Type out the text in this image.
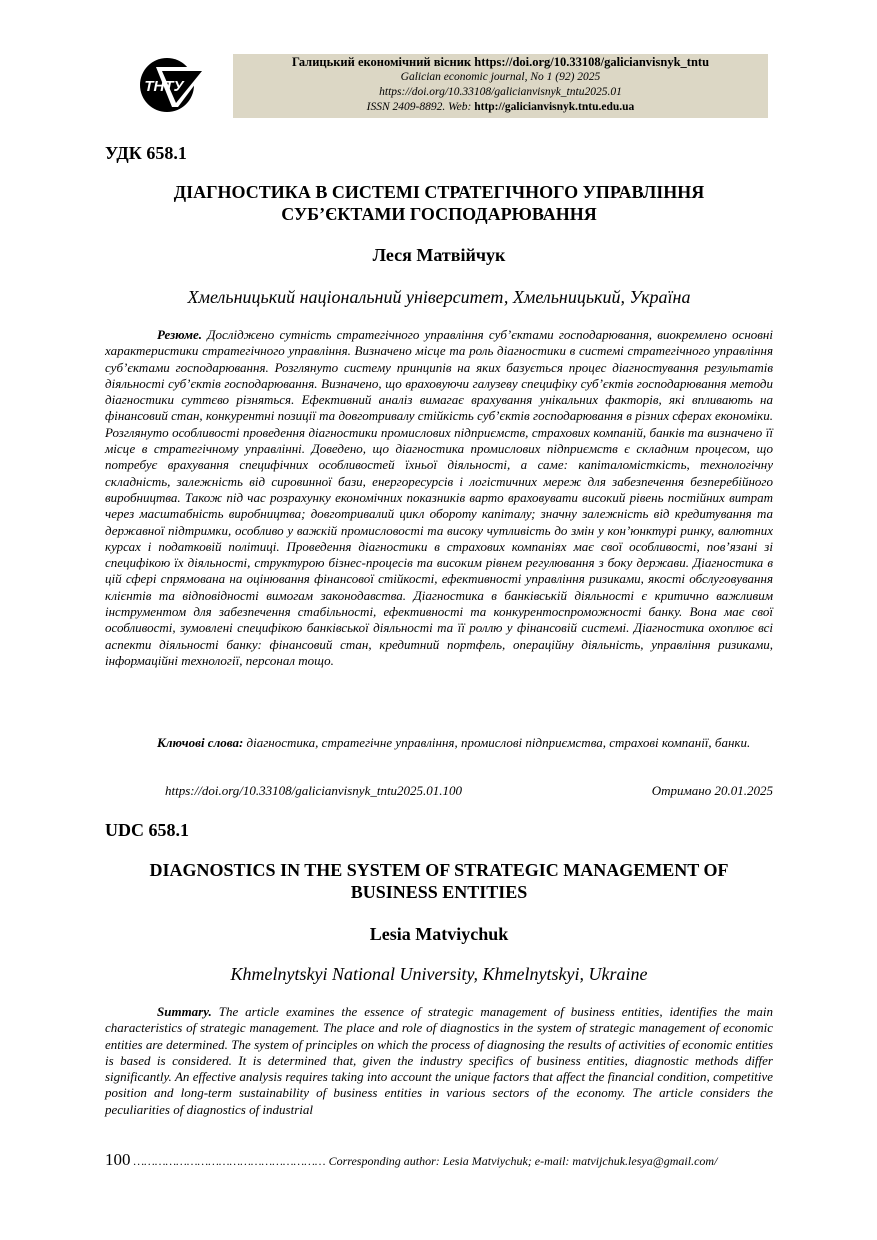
ТНТУ
Галицький економічний вісник https://doi.org/10.33108/galicianvisnyk_tntu
Galician economic journal, No 1 (92) 2025
https://doi.org/10.33108/galicianvisnyk_tntu2025.01
ISSN 2409-8892. Web: http://galicianvisnyk.tntu.edu.ua
УДК 658.1
ДІАГНОСТИКА В СИСТЕМІ СТРАТЕГІЧНОГО УПРАВЛІННЯ
СУБ’ЄКТАМИ ГОСПОДАРЮВАННЯ
Леся Матвійчук
Хмельницький національний університет, Хмельницький, Україна

Резюме. Досліджено сутність стратегічного управління суб’єктами господарювання, виокремлено основні характеристики стратегічного управління. Визначено місце та роль діагностики в системі стратегічного управління суб’єктами господарювання. Розглянуто систему принципів на яких базується процес діагностування результатів діяльності суб’єктів господарювання. Визначено, що враховуючи галузеву специфіку суб’єктів господарювання методи діагностики суттєво різняться. Ефективний аналіз вимагає врахування унікальних факторів, які впливають на фінансовий стан, конкурентні позиції та довготривалу стійкість суб’єктів господарювання в різних сферах економіки. Розглянуто особливості проведення діагностики промислових підприємств, страхових компаній, банків та визначено її місце в стратегічному управлінні. Доведено, що діагностика промислових підприємств є складним процесом, що потребує врахування специфічних особливостей їхньої діяльності, а саме: капіталомісткість, технологічну складність, залежність від сировинної бази, енергоресурсів і логістичних мереж для забезпечення безперебійного виробництва. Також під час розрахунку економічних показників варто враховувати високий рівень постійних витрат через масштабність виробництва; довготривалий цикл обороту капіталу; значну залежність від кредитування та державної підтримки, особливо у важкій промисловості та високу чутливість до змін у кон’юнктурі ринку, валютних курсах і податковій політиці. Проведення діагностики в страхових компаніях має свої особливості, пов’язані зі специфікою їх діяльності, структурою бізнес-процесів та високим рівнем регулювання з боку держави. Діагностика в цій сфері спрямована на оцінювання фінансової стійкості, ефективності управління ризиками, якості обслуговування клієнтів та відповідності вимогам законодавства. Діагностика в банківській діяльності є критично важливим інструментом для забезпечення стабільності, ефективності та конкурентоспроможності банку. Вона має свої особливості, зумовлені специфікою банківської діяльності та її роллю у фінансовій системі. Діагностика охоплює всі аспекти діяльності банку: фінансовий стан, кредитний портфель, операційну діяльність, управління ризиками, інформаційні технології, персонал тощо.

Ключові слова: діагностика, стратегічне управління, промислові підприємства, страхові компанії, банки.

https://doi.org/10.33108/galicianvisnyk_tntu2025.01.100	Отримано 20.01.2025
UDC 658.1
DIAGNOSTICS IN THE SYSTEM OF STRATEGIC MANAGEMENT OF
BUSINESS ENTITIES
Lesia Matviychuk
Khmelnytskyi National University, Khmelnytskyi, Ukraine

Summary. The article examines the essence of strategic management of business entities, identifies the main characteristics of strategic management. The place and role of diagnostics in the system of strategic management of economic entities are determined. The system of principles on which the process of diagnosing the results of activities of economic entities is based is considered. It is determined that, given the industry specifics of business entities, diagnostic methods differ significantly. An effective analysis requires taking into account the unique factors that affect the financial condition, competitive position and long-term sustainability of business entities in various sectors of the economy. The article considers the peculiarities of diagnostics of industrial

100 ……………………………………………… Corresponding author: Lesia Matviychuk; e-mail: matvijchuk.lesya@gmail.com/
